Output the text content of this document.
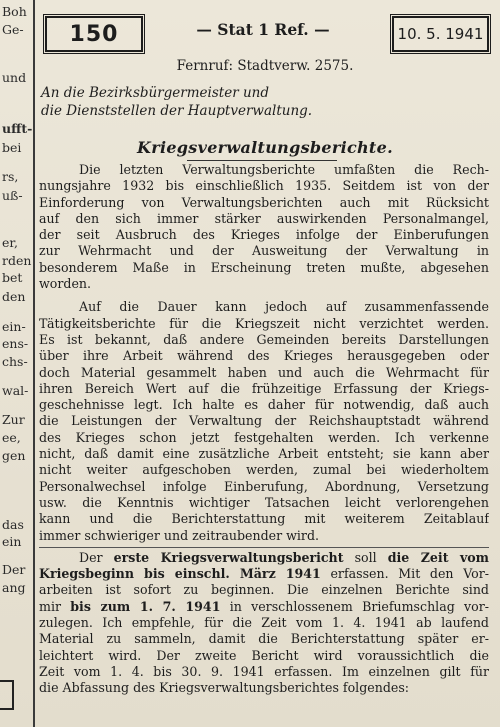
Boh
Ge-
und
ufft-
bei
rs,
uß-
er,
rden
bet
den
ein-
ens-
chs-
wal-
Zur
ee,
gen
das
ein
Der
ang
150	— Stat 1 Ref. —	10. 5. 1941
Fernruf: Stadtverw. 2575.
An die Bezirksbürgermeister und
die Dienststellen der Hauptverwaltung.
Kriegsverwaltungsberichte.
Die letzten Verwaltungsberichte umfaßten die Rech-
nungsjahre 1932 bis einschließlich 1935. Seitdem ist von der
Einforderung von Verwaltungsberichten auch mit Rücksicht
auf den sich immer stärker auswirkenden Personalmangel,
der seit Ausbruch des Krieges infolge der Einberufungen
zur Wehrmacht und der Ausweitung der Verwaltung in
besonderem Maße in Erscheinung treten mußte, abgesehen
worden.
Auf die Dauer kann jedoch auf zusammenfassende
Tätigkeitsberichte für die Kriegszeit nicht verzichtet werden.
Es ist bekannt, daß andere Gemeinden bereits Darstellungen
über ihre Arbeit während des Krieges herausgegeben oder
doch Material gesammelt haben und auch die Wehrmacht für
ihren Bereich Wert auf die frühzeitige Erfassung der Kriegs-
geschehnisse legt. Ich halte es daher für notwendig, daß auch
die Leistungen der Verwaltung der Reichshauptstadt während
des Krieges schon jetzt festgehalten werden. Ich verkenne
nicht, daß damit eine zusätzliche Arbeit entsteht; sie kann aber
nicht weiter aufgeschoben werden, zumal bei wiederholtem
Personalwechsel infolge Einberufung, Abordnung, Versetzung
usw. die Kenntnis wichtiger Tatsachen leicht verlorengehen
kann und die Berichterstattung mit weiterem Zeitablauf
immer schwieriger und zeitraubender wird.
Der erste Kriegsverwaltungsbericht soll die Zeit vom
Kriegsbeginn bis einschl. März 1941 erfassen. Mit den Vor-
arbeiten ist sofort zu beginnen. Die einzelnen Berichte sind
mir bis zum 1. 7. 1941 in verschlossenem Briefumschlag vor-
zulegen. Ich empfehle, für die Zeit vom 1. 4. 1941 ab laufend
Material zu sammeln, damit die Berichterstattung später er-
leichtert wird. Der zweite Bericht wird voraussichtlich die
Zeit vom 1. 4. bis 30. 9. 1941 erfassen. Im einzelnen gilt für
die Abfassung des Kriegsverwaltungsberichtes folgendes:
